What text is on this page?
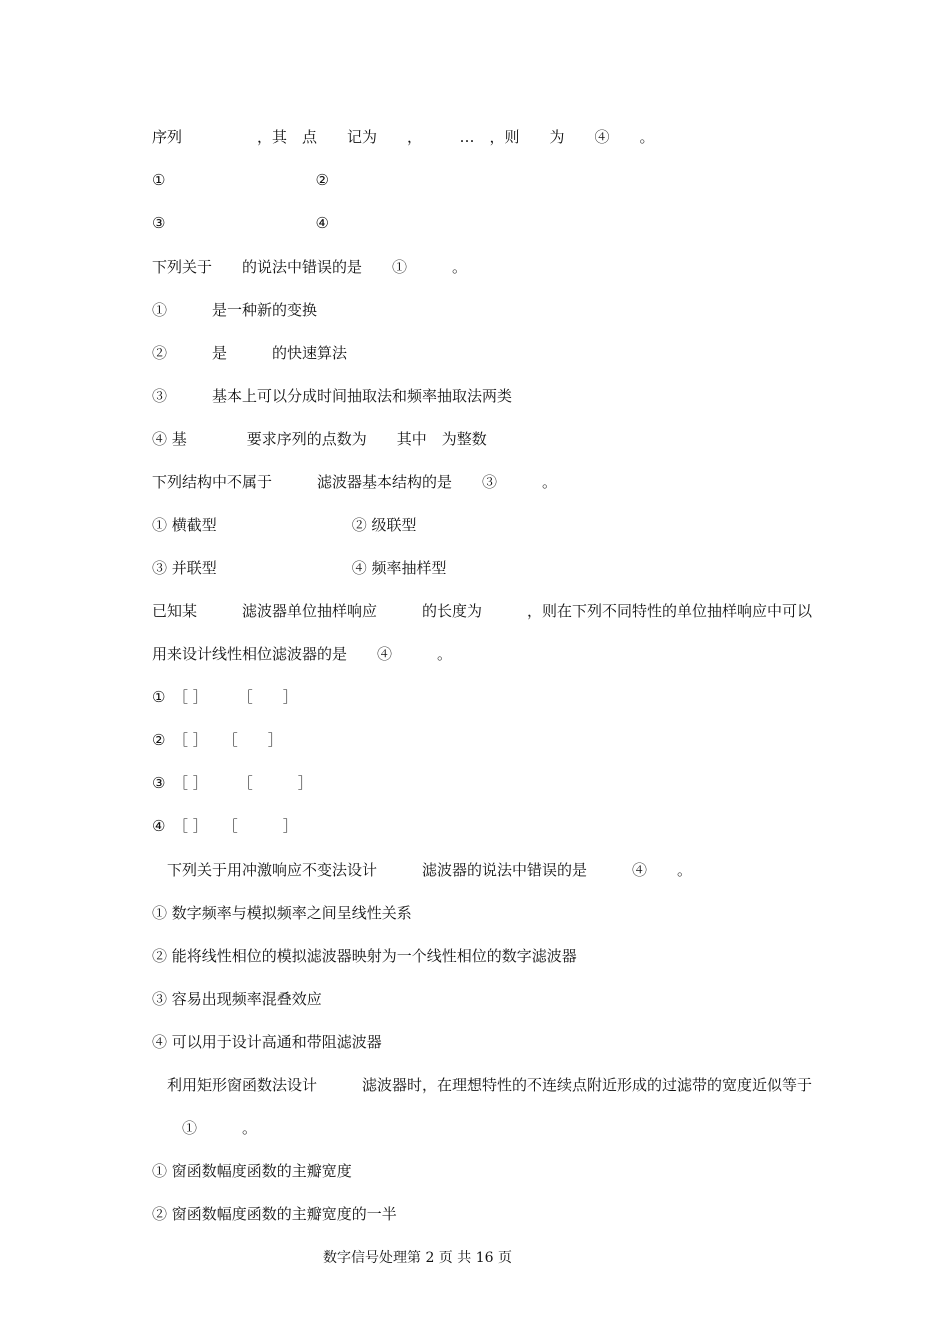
序列　　　　　，其　点　　记为　　，　　　…　，则　　为　　④　　。
①　　　　　　　　　　②
③　　　　　　　　　　④
下列关于　　的说法中错误的是　　①　　　。
①　　　是一种新的变换
②　　　是　　　的快速算法
③　　　基本上可以分成时间抽取法和频率抽取法两类
④ 基　　　　要求序列的点数为　　其中　为整数
下列结构中不属于　　　滤波器基本结构的是　　③　　　。
① 横截型　　　　　　　　　② 级联型
③ 并联型　　　　　　　　　④ 频率抽样型
已知某　　　滤波器单位抽样响应　　　的长度为　　　，则在下列不同特性的单位抽样响应中可以
用来设计线性相位滤波器的是　　④　　　。
①　［ ］　　　［　　］
②　［ ］　　［　　］
③　［ ］　　　［　　　］
④　［ ］　　［　　　］
　下列关于用冲激响应不变法设计　　　滤波器的说法中错误的是　　　④　　。
① 数字频率与模拟频率之间呈线性关系
② 能将线性相位的模拟滤波器映射为一个线性相位的数字滤波器
③ 容易出现频率混叠效应
④ 可以用于设计高通和带阻滤波器
　利用矩形窗函数法设计　　　滤波器时，在理想特性的不连续点附近形成的过滤带的宽度近似等于
　　①　　　。
① 窗函数幅度函数的主瓣宽度
② 窗函数幅度函数的主瓣宽度的一半
数字信号处理第 2 页 共 16 页
